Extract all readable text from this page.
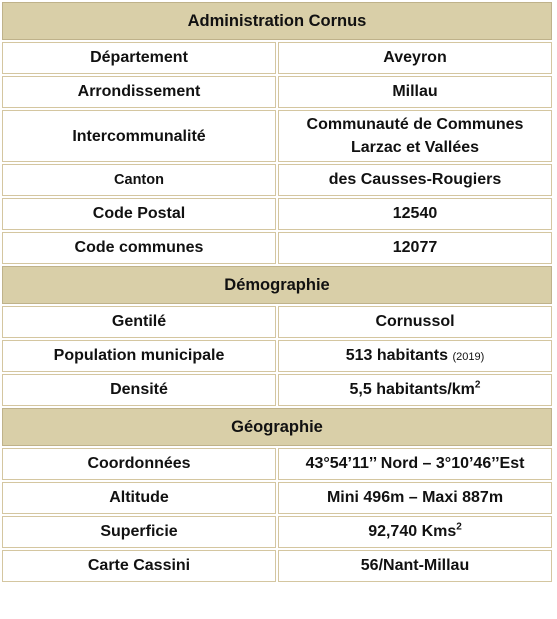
Administration Cornus	
Département	Aveyron
Arrondissement	Millau
Intercommunalité	Communauté de Communes
Larzac et Vallées
Canton	des Causses-Rougiers
Code Postal	12540
Code communes	12077
Démographie	
Gentilé	Cornussol
Population municipale	513 habitants (2019)
Densité	5,5 habitants/$km^2$
Géographie	
Coordonnées	43°54’11’’ Nord – 3°10’46’’Est
Altitude	Mini 496m – Maxi 887m
Superficie	92,740 Kms$^2$
Carte Cassini	56/Nant-Millau
